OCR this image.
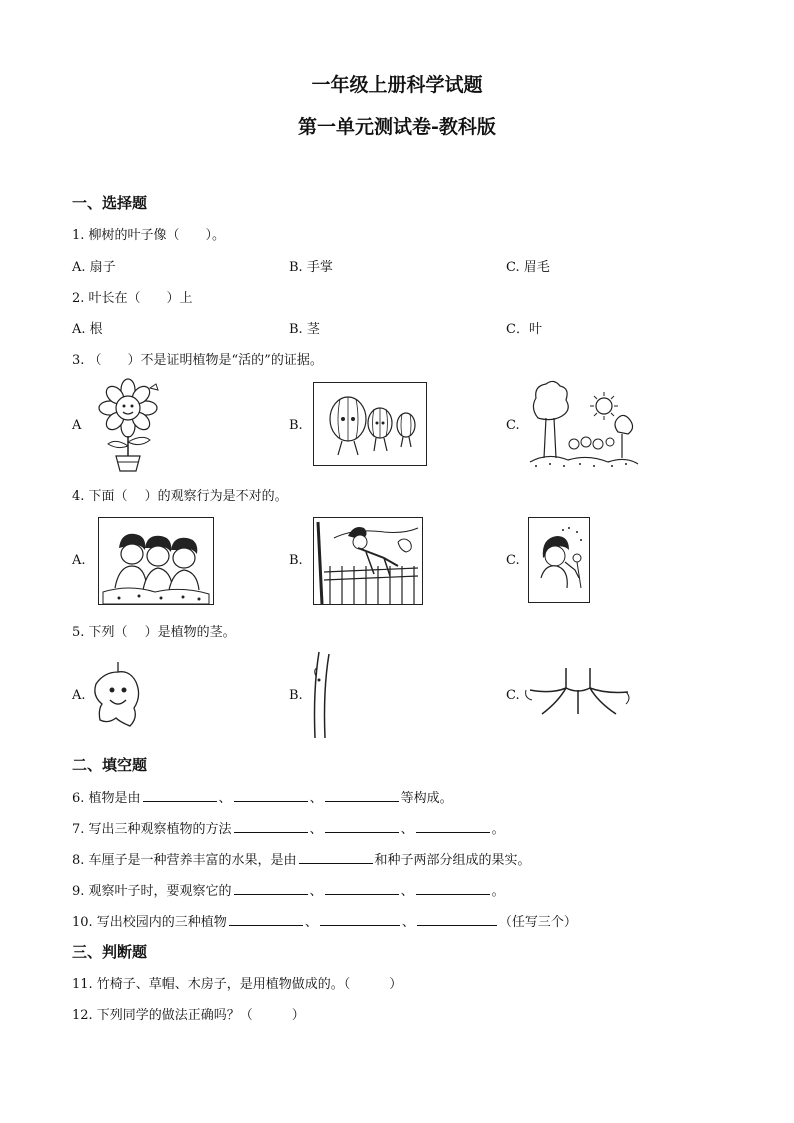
一年级上册科学试题
第一单元测试卷-教科版
一、选择题
1. 柳树的叶子像（　　）。
A. 扇子	B. 手掌	C. 眉毛
2. 叶长在（　　）上
A. 根	B. 茎	C．叶
3. （　　）不是证明植物是“活的”的证据。
A	B.	C.
4. 下面（　 ）的观察行为是不对的。
A.	B.	C.
5. 下列（　 ）是植物的茎。
A.	B.	C.
二、填空题
6. 植物是由	、	、	等构成。
7. 写出三种观察植物的方法	、	、	。
8. 车厘子是一种营养丰富的水果，是由	和种子两部分组成的果实。
9. 观察叶子时，要观察它的	、	、	。
10. 写出校园内的三种植物	、	、	（任写三个）
三、判断题
11. 竹椅子、草帽、木房子，是用植物做成的。（　　　）
12. 下列同学的做法正确吗？（　　　）
